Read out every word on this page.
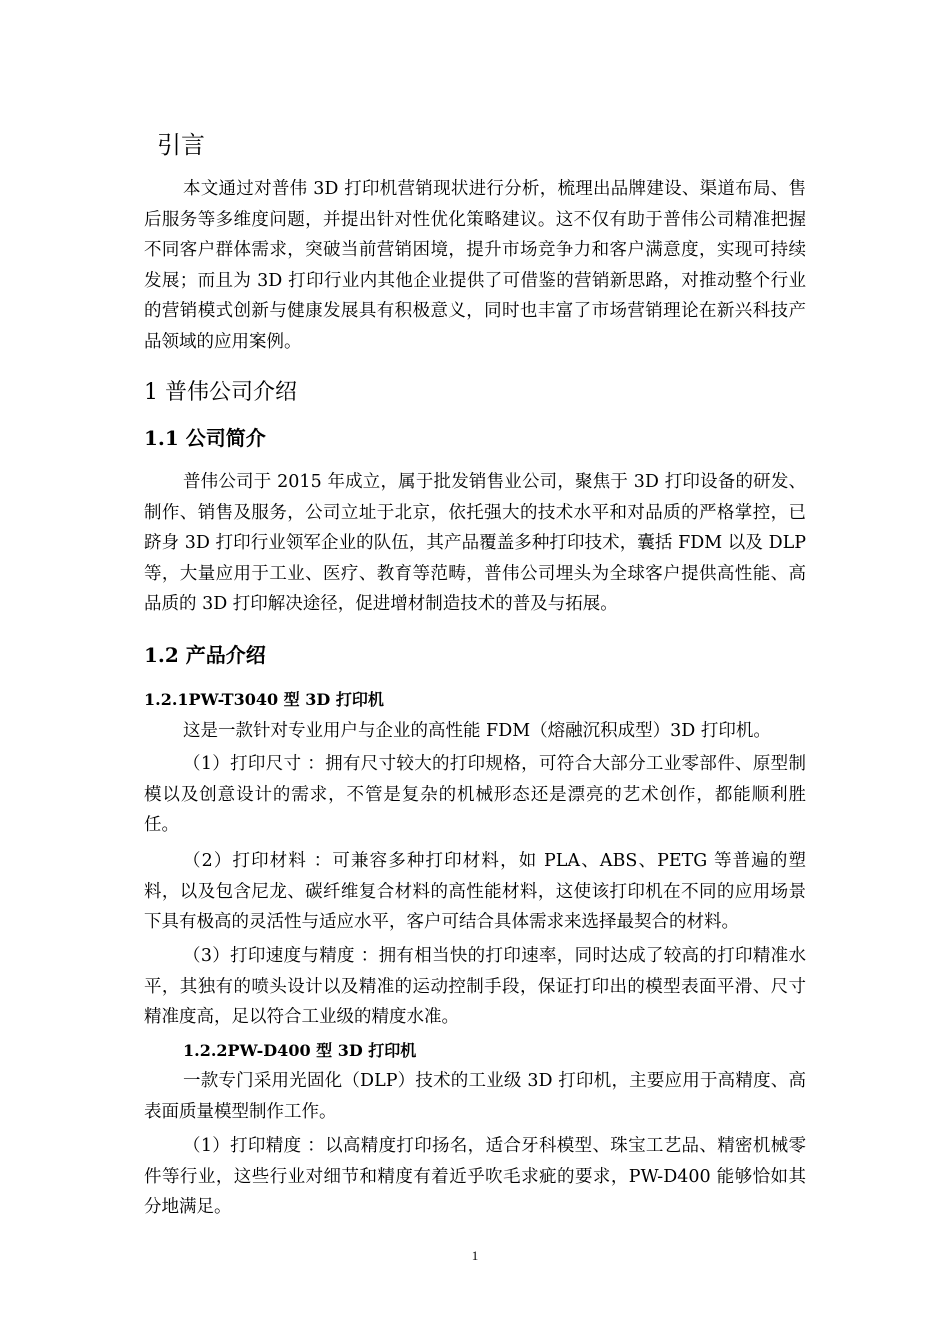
引言

本文通过对普伟 3D 打印机营销现状进行分析，梳理出品牌建设、渠道布局、售后服务等多维度问题，并提出针对性优化策略建议。这不仅有助于普伟公司精准把握不同客户群体需求，突破当前营销困境，提升市场竞争力和客户满意度，实现可持续发展；而且为 3D 打印行业内其他企业提供了可借鉴的营销新思路，对推动整个行业的营销模式创新与健康发展具有积极意义，同时也丰富了市场营销理论在新兴科技产品领域的应用案例。

1 普伟公司介绍
1.1 公司简介

普伟公司于 2015 年成立，属于批发销售业公司，聚焦于 3D 打印设备的研发、制作、销售及服务，公司立址于北京，依托强大的技术水平和对品质的严格掌控，已跻身 3D 打印行业领军企业的队伍，其产品覆盖多种打印技术，囊括 FDM 以及 DLP 等，大量应用于工业、医疗、教育等范畴，普伟公司埋头为全球客户提供高性能、高品质的 3D 打印解决途径，促进增材制造技术的普及与拓展。

1.2 产品介绍
1.2.1PW-T3040 型 3D 打印机

这是一款针对专业用户与企业的高性能 FDM（熔融沉积成型）3D 打印机。

（1）打印尺寸 ：拥有尺寸较大的打印规格，可符合大部分工业零部件、原型制模以及创意设计的需求，不管是复杂的机械形态还是漂亮的艺术创作，都能顺利胜任。

（2）打印材料 ：可兼容多种打印材料，如 PLA、ABS、PETG 等普遍的塑料，以及包含尼龙、碳纤维复合材料的高性能材料，这使该打印机在不同的应用场景下具有极高的灵活性与适应水平，客户可结合具体需求来选择最契合的材料。

（3）打印速度与精度 ：拥有相当快的打印速率，同时达成了较高的打印精准水平，其独有的喷头设计以及精准的运动控制手段，保证打印出的模型表面平滑、尺寸精准度高，足以符合工业级的精度水准。

1.2.2PW-D400 型 3D 打印机

一款专门采用光固化（DLP）技术的工业级 3D 打印机，主要应用于高精度、高表面质量模型制作工作。

（1）打印精度 ：以高精度打印扬名，适合牙科模型、珠宝工艺品、精密机械零件等行业，这些行业对细节和精度有着近乎吹毛求疵的要求，PW-D400 能够恰如其分地满足。

1
